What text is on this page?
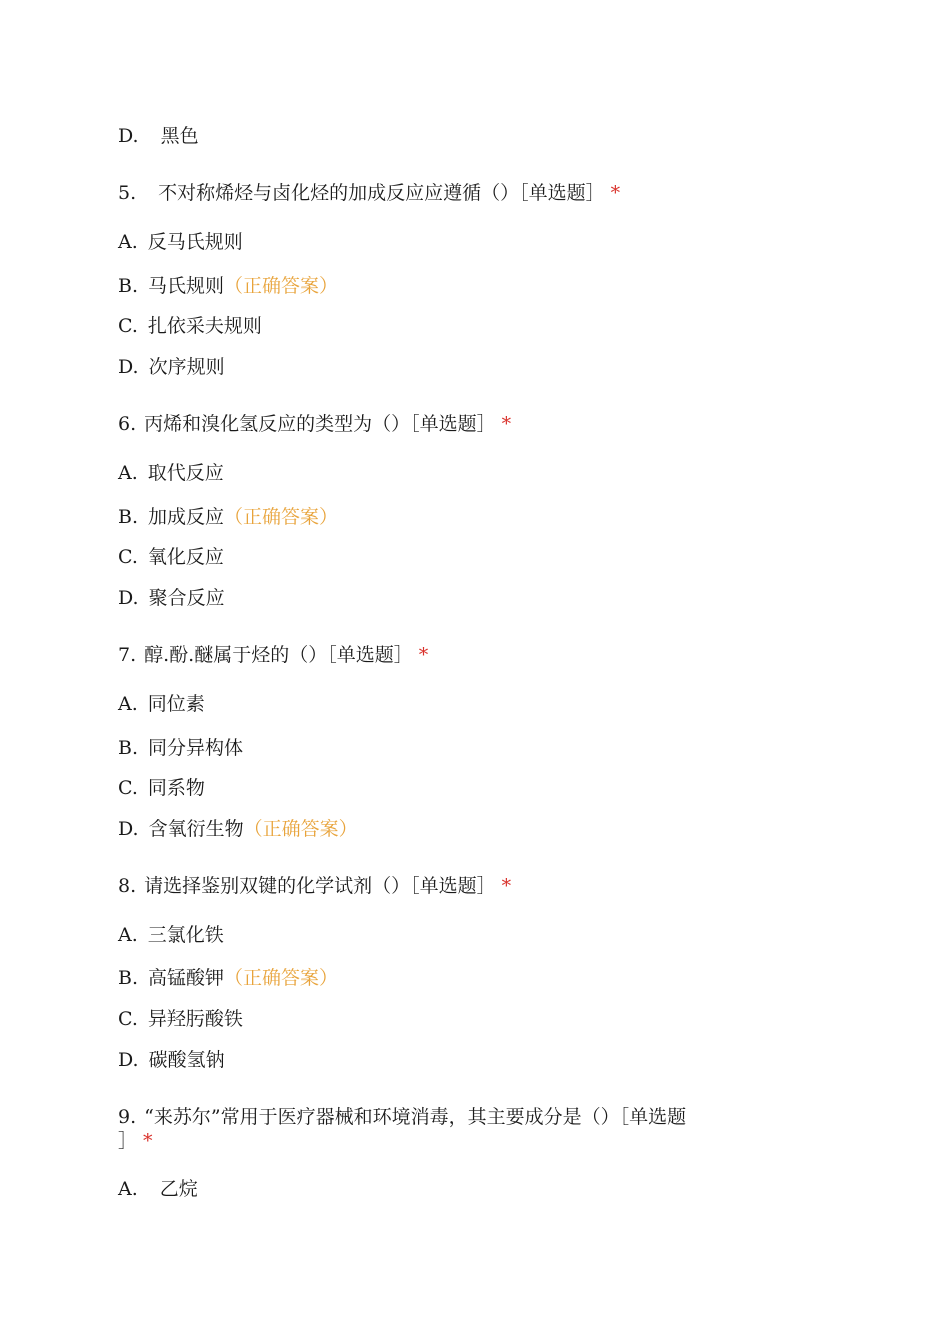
D. 黑色
5. 不对称烯烃与卤化烃的加成反应应遵循（）［单选题］ *
A. 反马氏规则
B. 马氏规则（正确答案）
C. 扎依采夫规则
D. 次序规则
6. 丙烯和溴化氢反应的类型为（）［单选题］ *
A. 取代反应
B. 加成反应（正确答案）
C. 氧化反应
D. 聚合反应
7. 醇.酚.醚属于烃的（）［单选题］ *
A. 同位素
B. 同分异构体
C. 同系物
D. 含氧衍生物（正确答案）
8. 请选择鉴别双键的化学试剂（）［单选题］ *
A. 三氯化铁
B. 高锰酸钾（正确答案）
C. 异羟肟酸铁
D. 碳酸氢钠
9. “来苏尔”常用于医疗器械和环境消毒，其主要成分是（）［单选题
］ *
A. 乙烷
